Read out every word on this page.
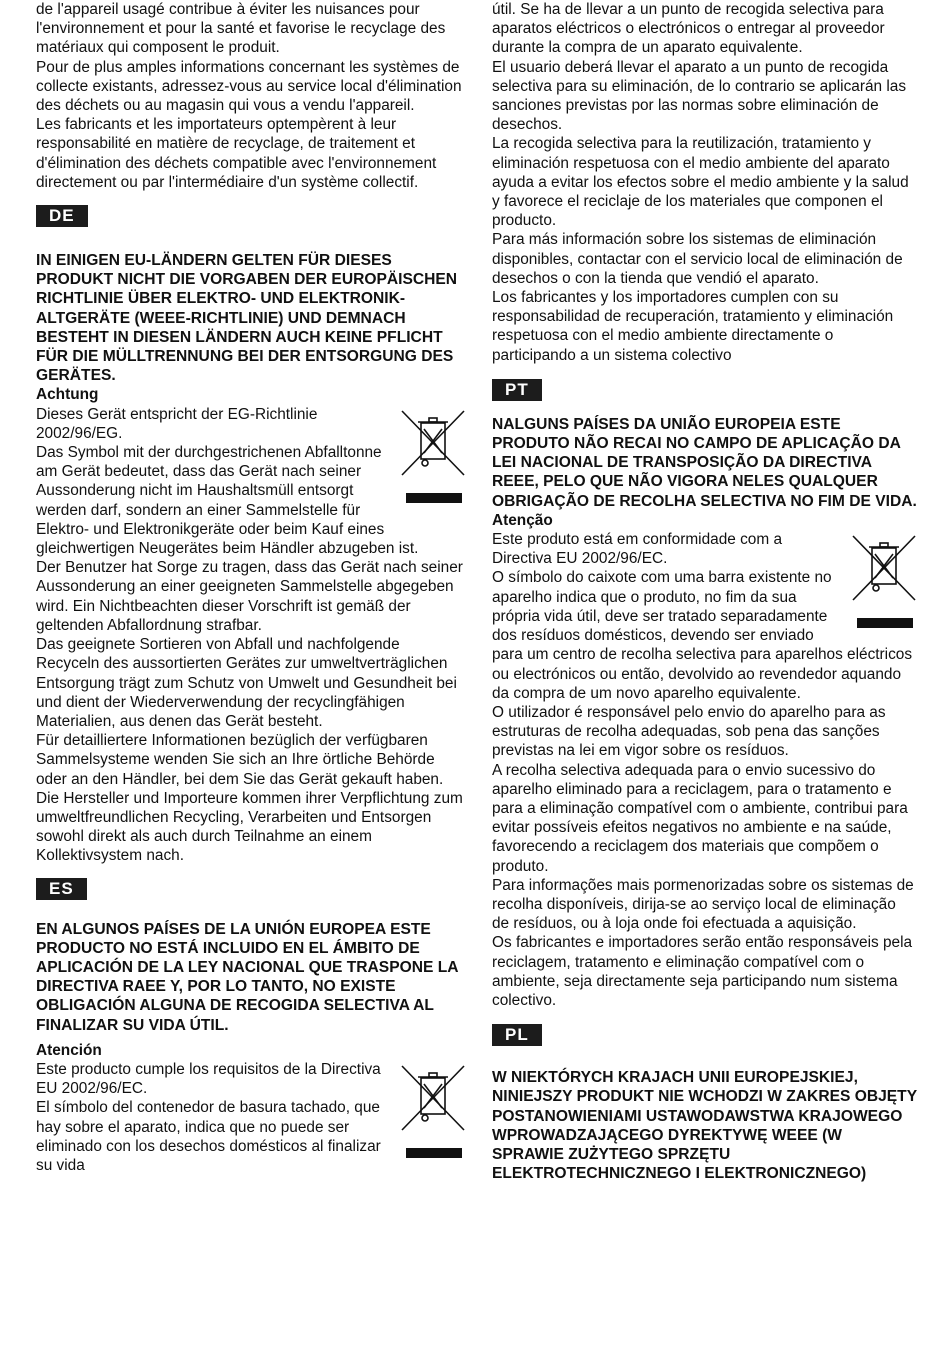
de l'appareil usagé contribue à éviter les nuisances pour l'environnement et pour la santé et favorise le recyclage des matériaux qui composent le produit.

Pour de plus amples informations concernant les systèmes de collecte existants, adressez-vous au service local d'élimination des déchets ou au magasin qui vous a vendu l'appareil.

Les fabricants et les importateurs optempèrent à leur responsabilité en matière de recyclage, de traitement et d'élimination des déchets compatible avec l'environnement directement ou par l'intermédiaire d'un système collectif.

DE

IN EINIGEN EU-LÄNDERN GELTEN FÜR DIESES PRODUKT NICHT DIE VORGABEN DER EUROPÄISCHEN RICHTLINIE ÜBER ELEKTRO- UND ELEKTRONIK-ALTGERÄTE (WEEE-RICHTLINIE) UND DEMNACH BESTEHT IN DIESEN LÄNDERN AUCH KEINE PFLICHT FÜR DIE MÜLLTRENNUNG BEI DER ENTSORGUNG DES GERÄTES.

Achtung

Dieses Gerät entspricht der EG-Richtlinie 2002/96/EG.

Das Symbol mit der durchgestrichenen Abfalltonne am Gerät bedeutet, dass das Gerät nach seiner Aussonderung nicht im Haushaltsmüll entsorgt werden darf, sondern an einer Sammelstelle für Elektro- und Elektronikgeräte oder beim Kauf eines gleichwertigen Neugerätes beim Händler abzugeben ist.

Der Benutzer hat Sorge zu tragen, dass das Gerät nach seiner Aussonderung an einer geeigneten Sammelstelle abgegeben wird. Ein Nichtbeachten dieser Vorschrift ist gemäß der geltenden Abfallordnung strafbar.

Das geeignete Sortieren von Abfall und nachfolgende Recyceln des aussortierten Gerätes zur umweltverträglichen Entsorgung trägt zum Schutz von Umwelt und Gesundheit bei und dient der Wiederverwendung der recyclingfähigen Materialien, aus denen das Gerät besteht.

Für detailliertere Informationen bezüglich der verfügbaren Sammelsysteme wenden Sie sich an Ihre örtliche Behörde oder an den Händler, bei dem Sie das Gerät gekauft haben.

Die Hersteller und Importeure kommen ihrer Verpflichtung zum umweltfreundlichen Recycling, Verarbeiten und Entsorgen sowohl direkt als auch durch Teilnahme an einem Kollektivsystem nach.

ES

EN ALGUNOS PAÍSES DE LA UNIÓN EUROPEA ESTE PRODUCTO NO ESTÁ INCLUIDO EN EL ÁMBITO DE APLICACIÓN DE LA LEY NACIONAL QUE TRASPONE LA DIRECTIVA RAEE Y, POR LO TANTO, NO EXISTE OBLIGACIÓN ALGUNA DE RECOGIDA SELECTIVA AL FINALIZAR SU VIDA ÚTIL.

Atención

Este producto cumple los requisitos de la Directiva EU 2002/96/EC.

El símbolo del contenedor de basura tachado, que hay sobre el aparato, indica que no puede ser eliminado con los desechos domésticos al finalizar su vida

útil. Se ha de llevar a un punto de recogida selectiva para aparatos eléctricos o electrónicos o entregar al proveedor durante la compra de un aparato equivalente.

El usuario deberá llevar el aparato a un punto de recogida selectiva para su eliminación, de lo contrario se aplicarán las sanciones previstas por las normas sobre eliminación de desechos.

La recogida selectiva para la reutilización, tratamiento y eliminación respetuosa con el medio ambiente del aparato ayuda a evitar los efectos sobre el medio ambiente y la salud y favorece el reciclaje de los materiales que componen el producto.

Para más información sobre los sistemas de eliminación disponibles, contactar con el servicio local de eliminación de desechos o con la tienda que vendió el aparato.

Los fabricantes y los importadores cumplen con su responsabilidad de recuperación, tratamiento y eliminación respetuosa con el medio ambiente directamente o participando a un sistema colectivo

PT

NALGUNS PAÍSES DA UNIÃO EUROPEIA ESTE PRODUTO NÃO RECAI NO CAMPO DE APLICAÇÃO DA LEI NACIONAL DE TRANSPOSIÇÃO DA DIRECTIVA REEE, PELO QUE NÃO VIGORA NELES QUALQUER OBRIGAÇÃO DE RECOLHA SELECTIVA NO FIM DE VIDA.

Atenção

Este produto está em conformidade com a Directiva EU 2002/96/EC.

O símbolo do caixote com uma barra existente no aparelho indica que o produto, no fim da sua própria vida útil, deve ser tratado separadamente dos resíduos domésticos, devendo ser enviado para um centro de recolha selectiva para aparelhos eléctricos ou electrónicos ou então, devolvido ao revendedor aquando da compra de um novo aparelho equivalente.

O utilizador é responsável pelo envio do aparelho para as estruturas de recolha adequadas, sob pena das sanções previstas na lei em vigor sobre os resíduos.

A recolha selectiva adequada para o envio sucessivo do aparelho eliminado para a reciclagem, para o tratamento e para a eliminação compatível com o ambiente, contribui para evitar possíveis efeitos negativos no ambiente e na saúde, favorecendo a reciclagem dos materiais que compõem o produto.

Para informações mais pormenorizadas sobre os sistemas de recolha disponíveis, dirija-se ao serviço local de eliminação de resíduos, ou à loja onde foi efectuada a aquisição.

Os fabricantes e importadores serão então responsáveis pela reciclagem, tratamento e eliminação compatível com o ambiente, seja directamente seja participando num sistema colectivo.

PL

W NIEKTÓRYCH KRAJACH UNII EUROPEJSKIEJ, NINIEJSZY PRODUKT NIE WCHODZI W ZAKRES OBJĘTY POSTANOWIENIAMI USTAWODAWSTWA KRAJOWEGO WPROWADZAJĄCEGO DYREKTYWĘ WEEE (W SPRAWIE ZUŻYTEGO SPRZĘTU ELEKTROTECHNICZNEGO I ELEKTRONICZNEGO)
